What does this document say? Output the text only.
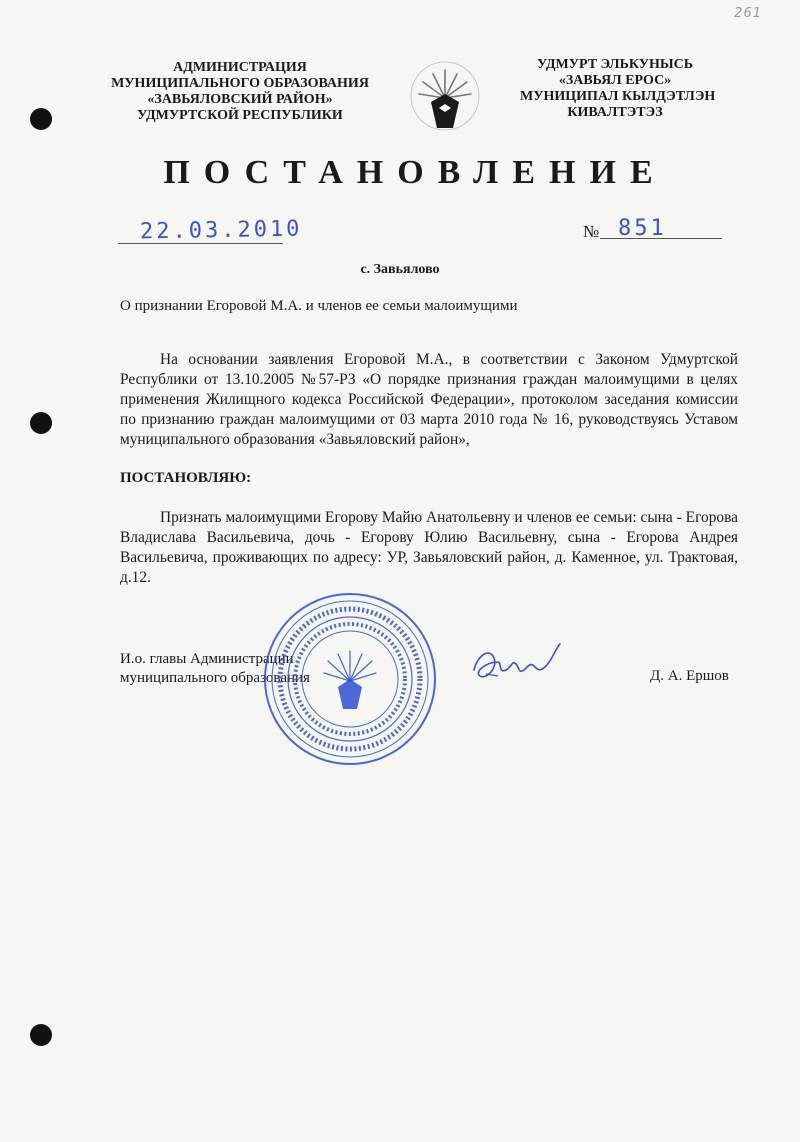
261
АДМИНИСТРАЦИЯ
МУНИЦИПАЛЬНОГО ОБРАЗОВАНИЯ
«ЗАВЬЯЛОВСКИЙ РАЙОН»
УДМУРТСКОЙ РЕСПУБЛИКИ
УДМУРТ ЭЛЬКУНЫСЬ
«ЗАВЬЯЛ ЕРОС»
МУНИЦИПАЛ КЫЛДЭТЛЭН
КИВАЛТЭТЭЗ
ПОСТАНОВЛЕНИЕ
22.03.2010	№ 851
с. Завьялово
О признании Егоровой М.А. и членов ее семьи малоимущими
На основании заявления Егоровой М.А., в соответствии с Законом Удмуртской Республики от 13.10.2005 №57-РЗ «О порядке признания граждан малоимущими в целях применения Жилищного кодекса Российской Федерации», протоколом заседания комиссии по признанию граждан малоимущими от 03 марта 2010 года № 16, руководствуясь Уставом муниципального образования «Завьяловский район»,
ПОСТАНОВЛЯЮ:
Признать малоимущими Егорову Майю Анатольевну и членов ее семьи: сына - Егорова Владислава Васильевича, дочь - Егорову Юлию Васильевну, сына - Егорова Андрея Васильевича, проживающих по адресу: УР, Завьяловский район, д. Каменное, ул. Трактовая, д.12.
И.о. главы Администрации
муниципального образования	Д. А. Ершов
